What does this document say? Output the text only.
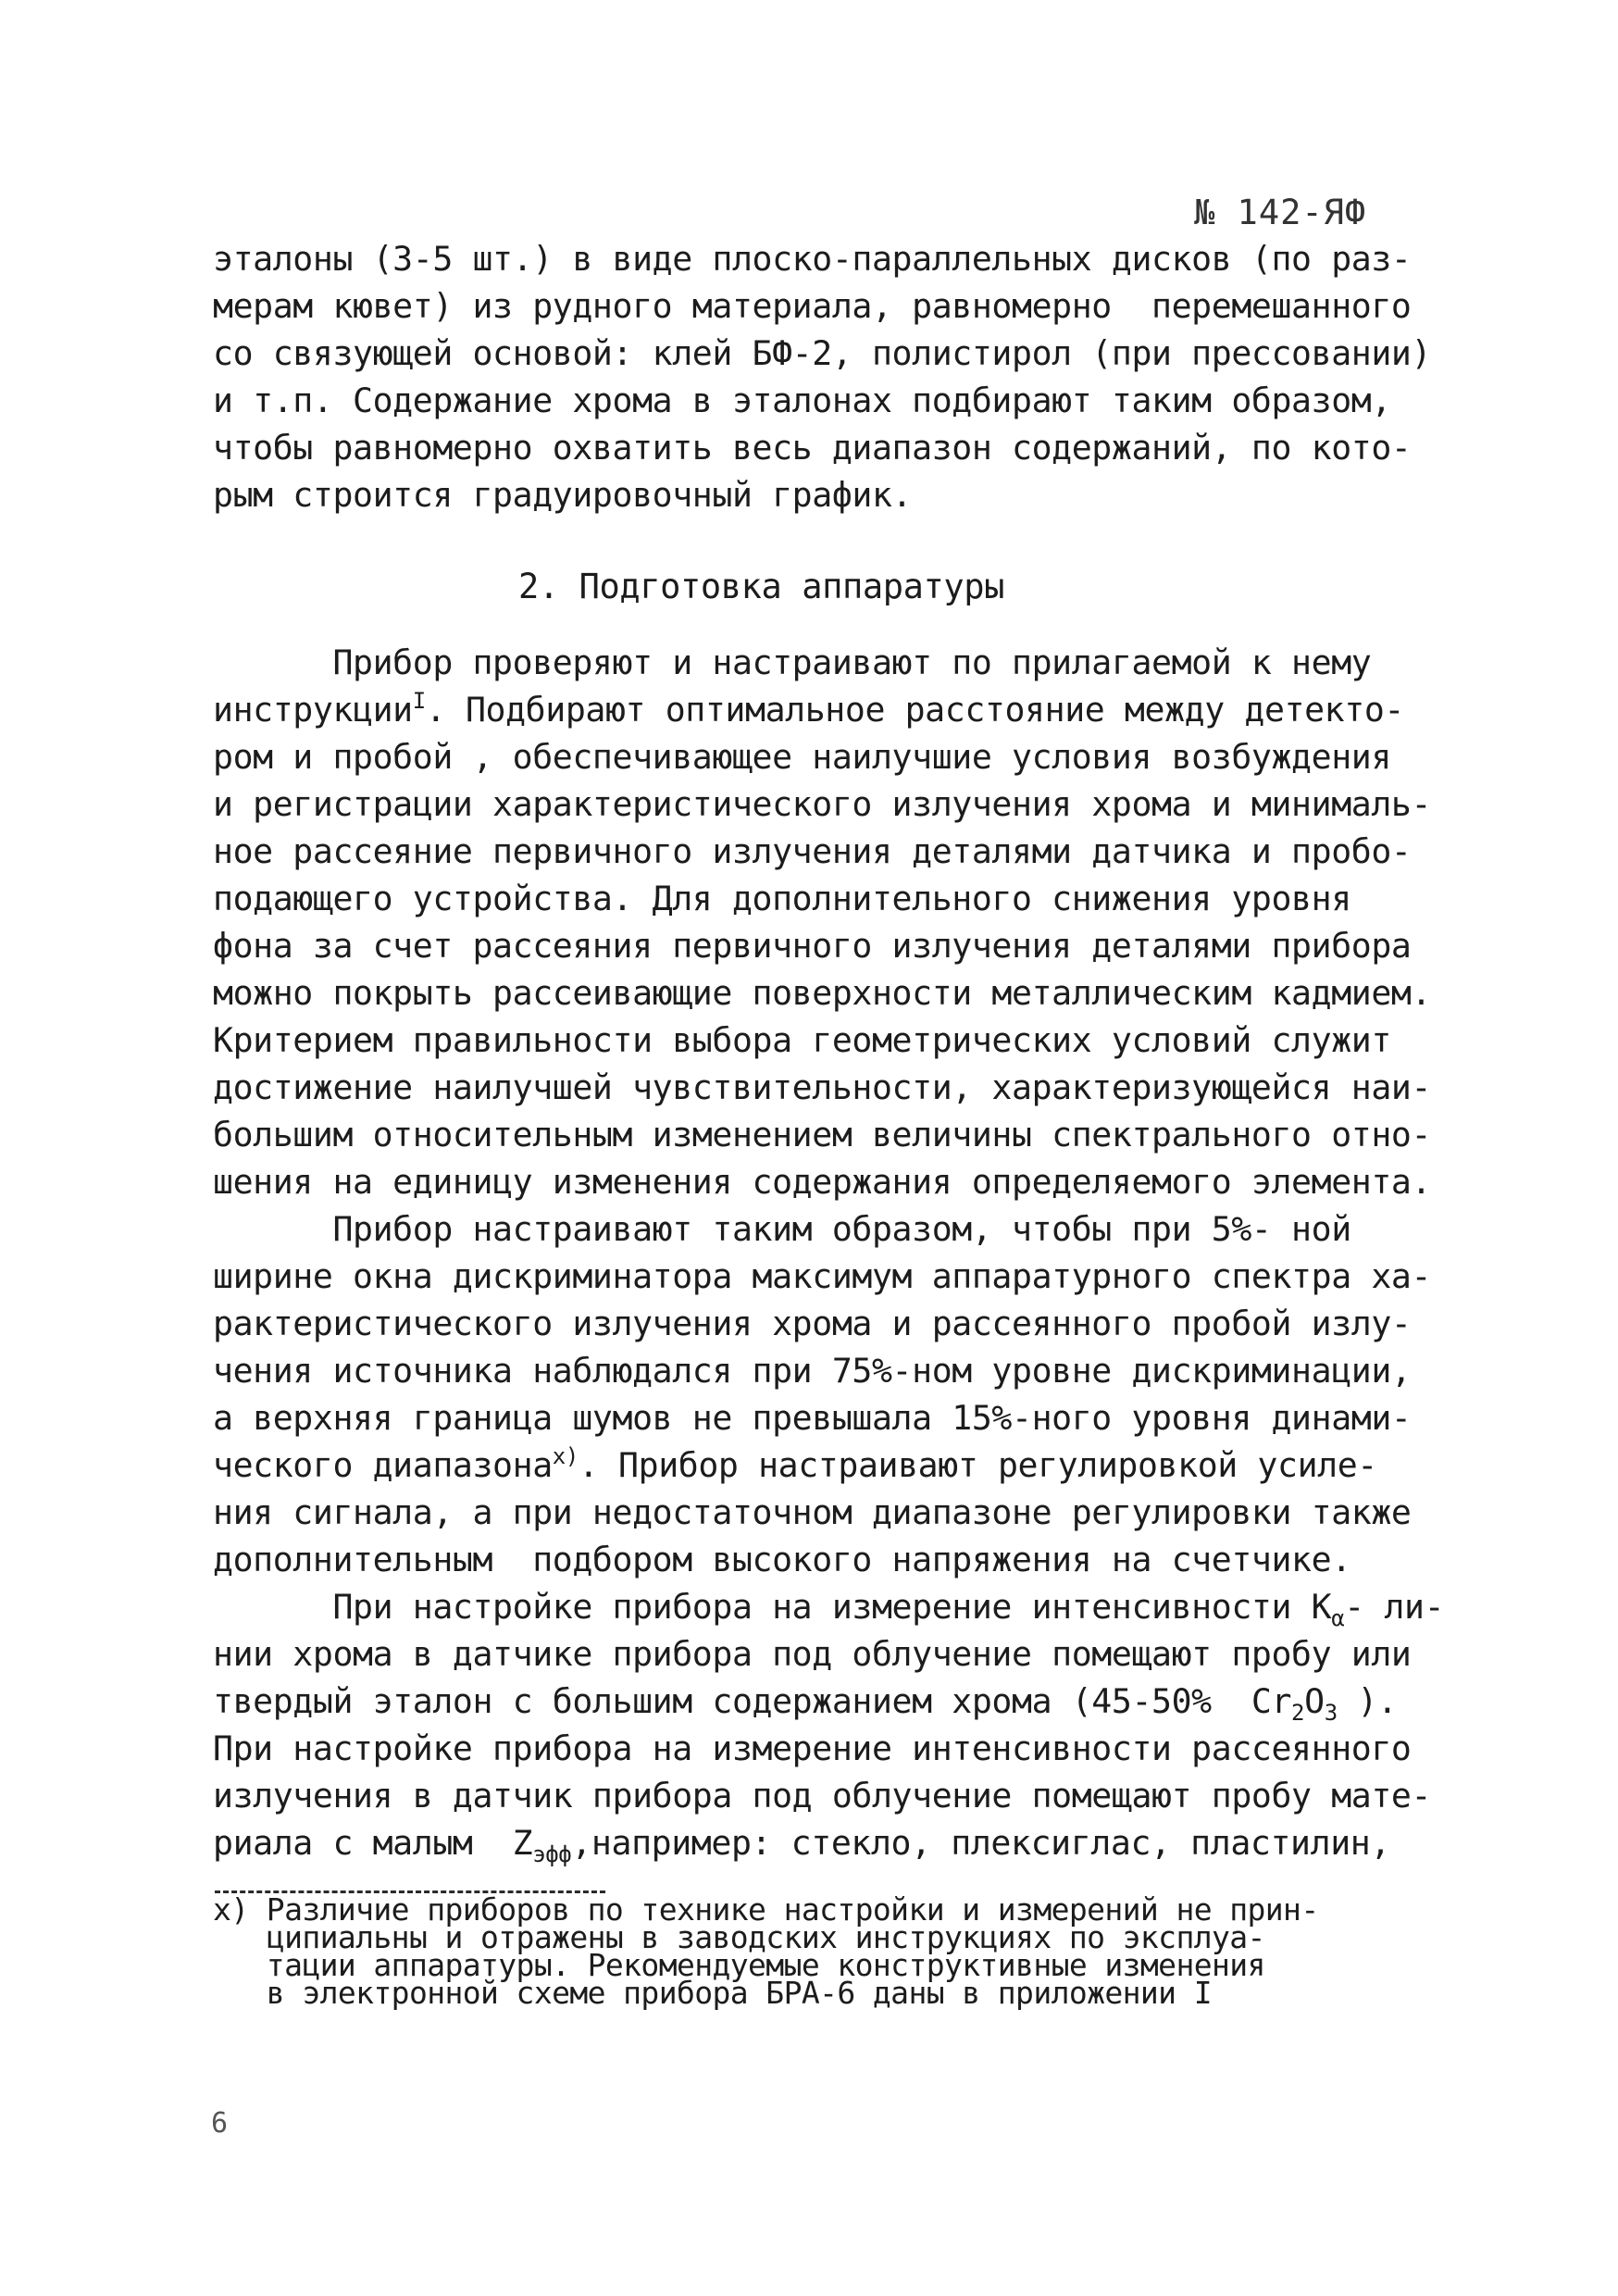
№ 142-ЯФ
эталоны (3-5 шт.) в виде плоско-параллельных дисков (по раз-
мерам кювет) из рудного материала, равномерно  перемешанного
со связующей основой: клей БФ-2, полистирол (при прессовании)
и т.п. Содержание хрома в эталонах подбирают таким образом,
чтобы равномерно охватить весь диапазон содержаний, по кото-
рым строится градуировочный график.
2. Подготовка аппаратуры
Прибор проверяют и настраивают по прилагаемой к нему
инструкции$^I$. Подбирают оптимальное расстояние между детекто-
ром и пробой , обеспечивающее наилучшие условия возбуждения
и регистрации характеристического излучения хрома и минималь-
ное рассеяние первичного излучения деталями датчика и пробо-
подающего устройства. Для дополнительного снижения уровня
фона за счет рассеяния первичного излучения деталями прибора
можно покрыть рассеивающие поверхности металлическим кадмием.
Критерием правильности выбора геометрических условий служит
достижение наилучшей чувствительности, характеризующейся наи-
большим относительным изменением величины спектрального отно-
шения на единицу изменения содержания определяемого элемента.
Прибор настраивают таким образом, чтобы при 5%- ной
ширине окна дискриминатора максимум аппаратурного спектра ха-
рактеристического излучения хрома и рассеянного пробой излу-
чения источника наблюдался при 75%-ном уровне дискриминации,
а верхняя граница шумов не превышала 15%-ного уровня динами-
ческого диапазона$^{x)}$. Прибор настраивают регулировкой усиле-
ния сигнала, а при недостаточном диапазоне регулировки также
дополнительным  подбором высокого напряжения на счетчике.
При настройке прибора на измерение интенсивности $K_\alpha-$ ли-
нии хрома в датчике прибора под облучение помещают пробу или
твердый эталон с большим содержанием хрома (45-50%  $Cr_2O_3$ ).
При настройке прибора на измерение интенсивности рассеянного
излучения в датчик прибора под облучение помещают пробу мате-
риала с малым  $Z_{эфф},например$: стекло, плексиглас, пластилин,
x) Различие приборов по технике настройки и измерений не прин-
ципиальны и отражены в заводских инструкциях по эксплуа-
тации аппаратуры. Рекомендуемые конструктивные изменения
в электронной схеме прибора БРА-6 даны в приложении I
6
